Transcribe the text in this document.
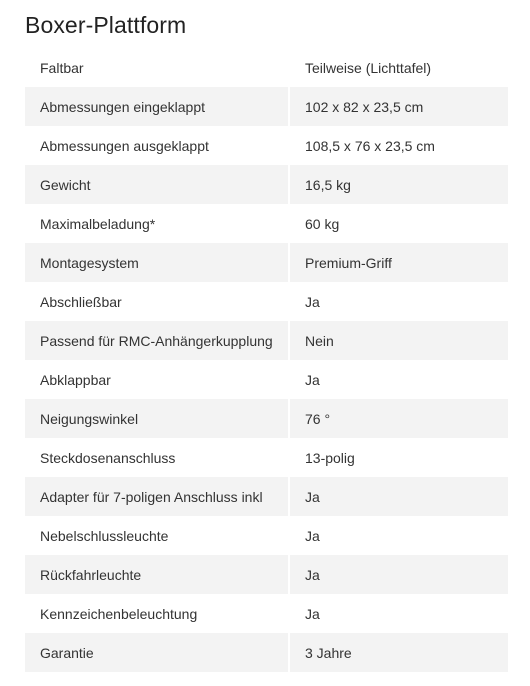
Boxer-Plattform
Faltbar	Teilweise (Lichttafel)
Abmessungen eingeklappt	102 x 82 x 23,5 cm
Abmessungen ausgeklappt	108,5 x 76 x 23,5 cm
Gewicht	16,5 kg
Maximalbeladung*	60 kg
Montagesystem	Premium-Griff
Abschließbar	Ja
Passend für RMC-Anhängerkupplung	Nein
Abklappbar	Ja
Neigungswinkel	76 °
Steckdosenanschluss	13-polig
Adapter für 7-poligen Anschluss inkl	Ja
Nebelschlussleuchte	Ja
Rückfahrleuchte	Ja
Kennzeichenbeleuchtung	Ja
Garantie	3 Jahre
